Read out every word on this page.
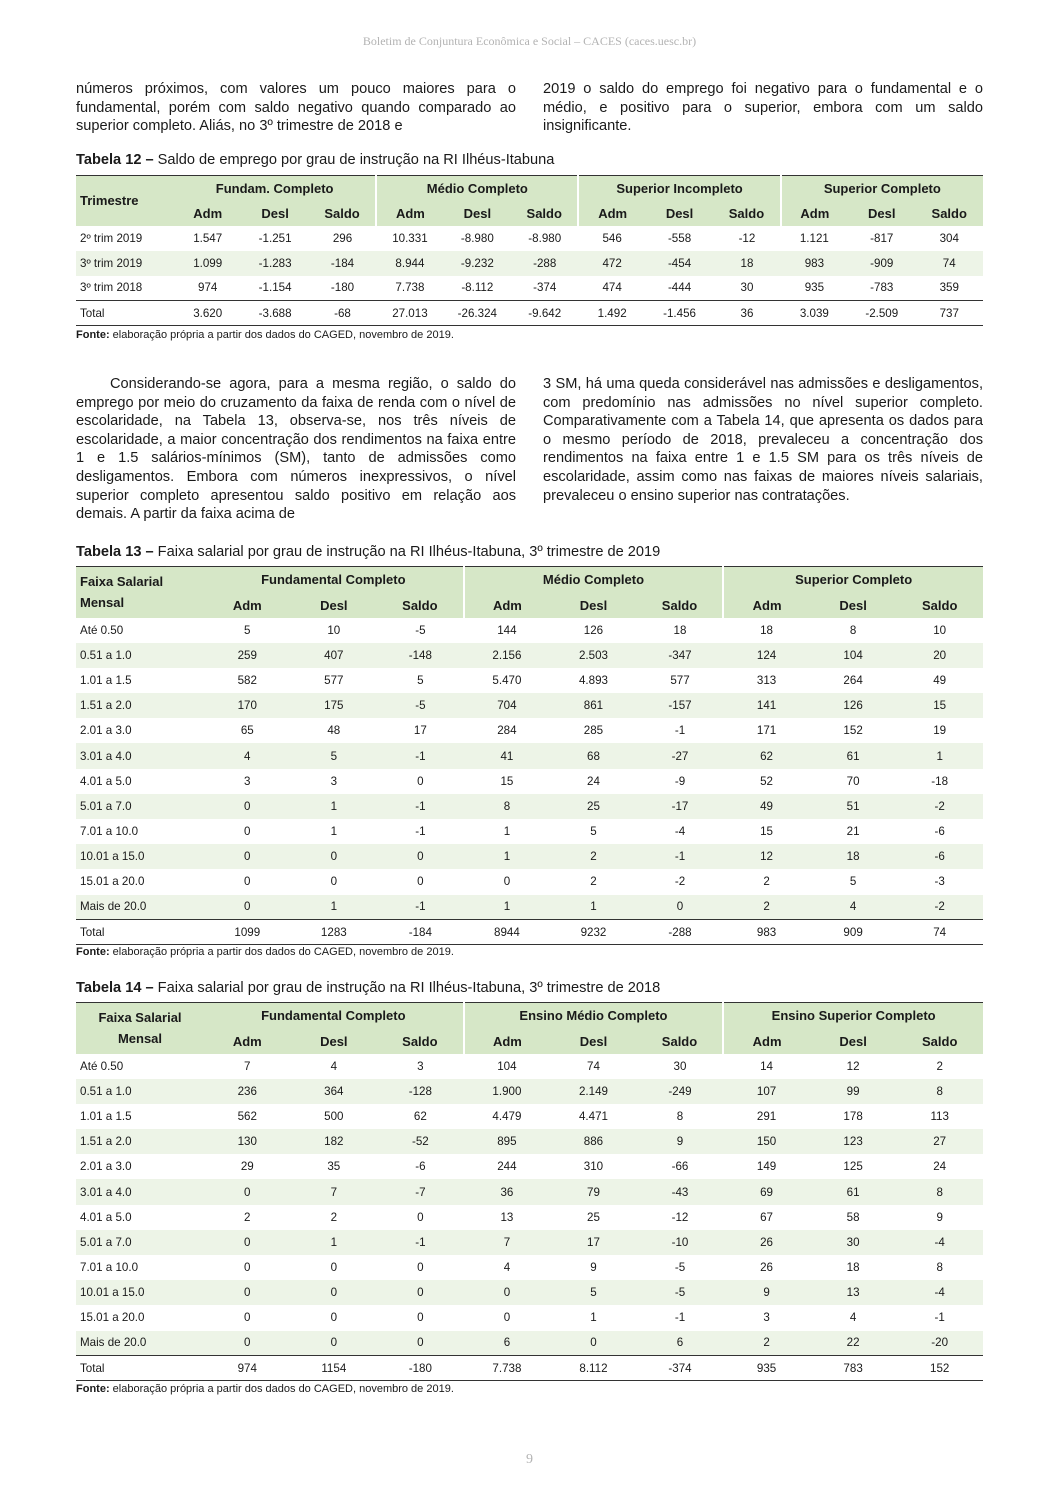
Boletim de Conjuntura Econômica e Social – CACES (caces.uesc.br)

números próximos, com valores um pouco maiores para o fundamental, porém com saldo negativo quando comparado ao superior completo. Aliás, no 3º trimestre de 2018 e

2019 o saldo do emprego foi negativo para o fundamental e o médio, e positivo para o superior, embora com um saldo insignificante.

Tabela 12 – Saldo de emprego por grau de instrução na RI Ilhéus-Itabuna
Trimestre	Fundam. Completo			Médio Completo			Superior Incompleto			Superior Completo		
	Adm	Desl	Saldo	Adm	Desl	Saldo	Adm	Desl	Saldo	Adm	Desl	Saldo
2º trim 2019	1.547	-1.251	296	10.331	-8.980	-8.980	546	-558	-12	1.121	-817	304
3º trim 2019	1.099	-1.283	-184	8.944	-9.232	-288	472	-454	18	983	-909	74
3º trim 2018	974	-1.154	-180	7.738	-8.112	-374	474	-444	30	935	-783	359
Total	3.620	-3.688	-68	27.013	-26.324	-9.642	1.492	-1.456	36	3.039	-2.509	737
Fonte: elaboração própria a partir dos dados do CAGED, novembro de 2019.

Considerando-se agora, para a mesma região, o saldo do emprego por meio do cruzamento da faixa de renda com o nível de escolaridade, na Tabela 13, observa-se, nos três níveis de escolaridade, a maior concentração dos rendimentos na faixa entre 1 e 1.5 salários-mínimos (SM), tanto de admissões como desligamentos. Embora com números inexpressivos, o nível superior completo apresentou saldo positivo em relação aos demais. A partir da faixa acima de

3 SM, há uma queda considerável nas admissões e desligamentos, com predomínio nas admissões no nível superior completo. Comparativamente com a Tabela 14, que apresenta os dados para o mesmo período de 2018, prevaleceu a concentração dos rendimentos na faixa entre 1 e 1.5 SM para os três níveis de escolaridade, assim como nas faixas de maiores níveis salariais, prevaleceu o ensino superior nas contratações.

Tabela 13 – Faixa salarial por grau de instrução na RI Ilhéus-Itabuna, 3º trimestre de 2019
Faixa Salarial
Mensal	Fundamental Completo			Médio Completo			Superior Completo		
	Adm	Desl	Saldo	Adm	Desl	Saldo	Adm	Desl	Saldo
Até 0.50	5	10	-5	144	126	18	18	8	10
0.51 a 1.0	259	407	-148	2.156	2.503	-347	124	104	20
1.01 a 1.5	582	577	5	5.470	4.893	577	313	264	49
1.51 a 2.0	170	175	-5	704	861	-157	141	126	15
2.01 a 3.0	65	48	17	284	285	-1	171	152	19
3.01 a 4.0	4	5	-1	41	68	-27	62	61	1
4.01 a 5.0	3	3	0	15	24	-9	52	70	-18
5.01 a 7.0	0	1	-1	8	25	-17	49	51	-2
7.01 a 10.0	0	1	-1	1	5	-4	15	21	-6
10.01 a 15.0	0	0	0	1	2	-1	12	18	-6
15.01 a 20.0	0	0	0	0	2	-2	2	5	-3
Mais de 20.0	0	1	-1	1	1	0	2	4	-2
Total	1099	1283	-184	8944	9232	-288	983	909	74
Fonte: elaboração própria a partir dos dados do CAGED, novembro de 2019.
Tabela 14 – Faixa salarial por grau de instrução na RI Ilhéus-Itabuna, 3º trimestre de 2018
Faixa Salarial
Mensal	Fundamental Completo			Ensino Médio Completo			Ensino Superior Completo		
	Adm	Desl	Saldo	Adm	Desl	Saldo	Adm	Desl	Saldo
Até 0.50	7	4	3	104	74	30	14	12	2
0.51 a 1.0	236	364	-128	1.900	2.149	-249	107	99	8
1.01 a 1.5	562	500	62	4.479	4.471	8	291	178	113
1.51 a 2.0	130	182	-52	895	886	9	150	123	27
2.01 a 3.0	29	35	-6	244	310	-66	149	125	24
3.01 a 4.0	0	7	-7	36	79	-43	69	61	8
4.01 a 5.0	2	2	0	13	25	-12	67	58	9
5.01 a 7.0	0	1	-1	7	17	-10	26	30	-4
7.01 a 10.0	0	0	0	4	9	-5	26	18	8
10.01 a 15.0	0	0	0	0	5	-5	9	13	-4
15.01 a 20.0	0	0	0	0	1	-1	3	4	-1
Mais de 20.0	0	0	0	6	0	6	2	22	-20
Total	974	1154	-180	7.738	8.112	-374	935	783	152
Fonte: elaboração própria a partir dos dados do CAGED, novembro de 2019.
9
